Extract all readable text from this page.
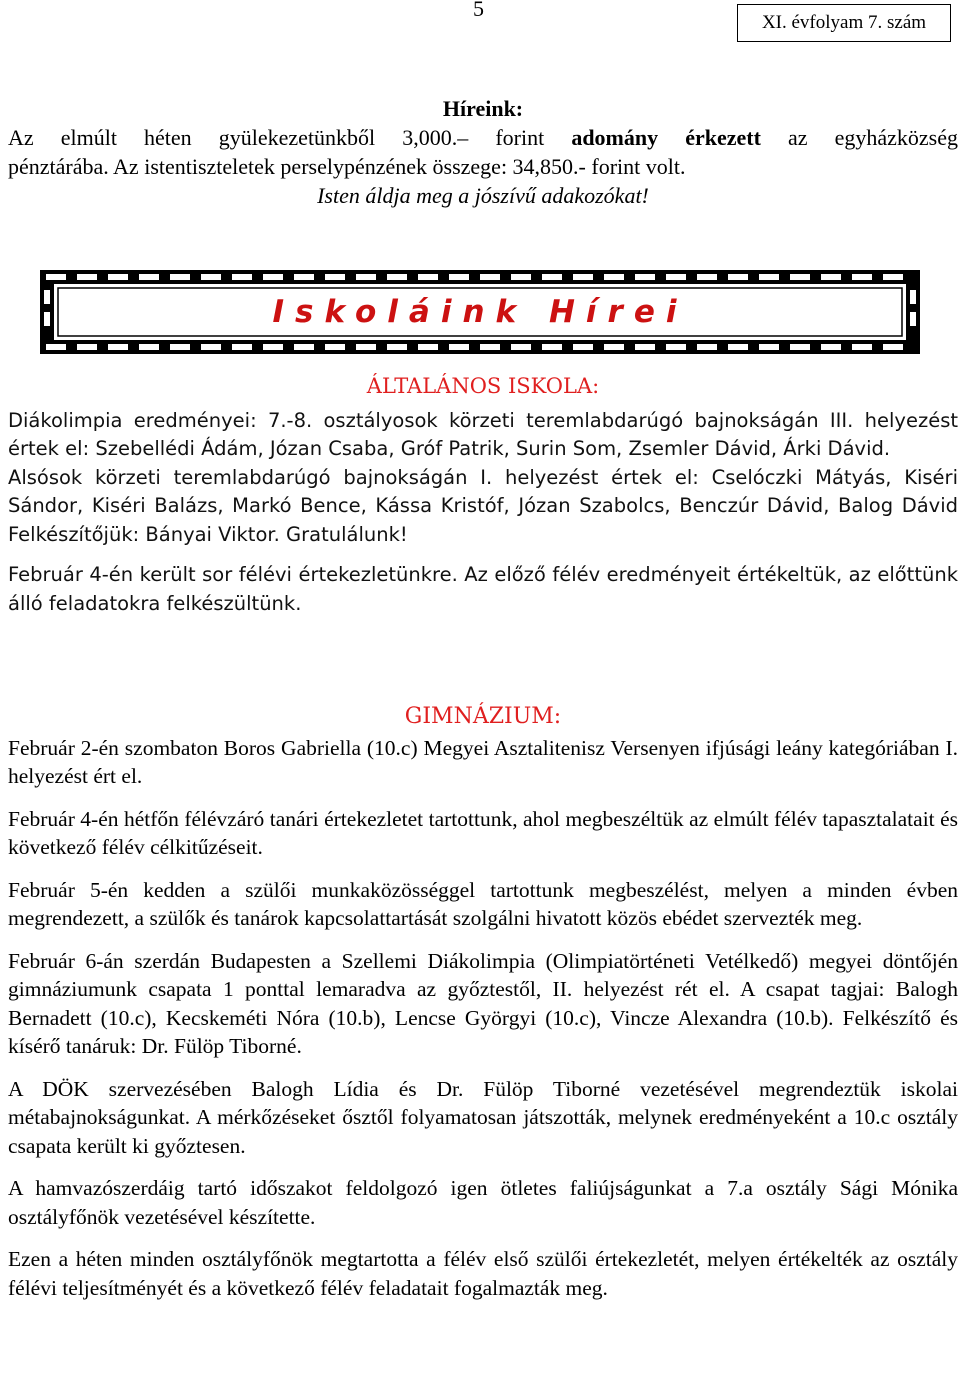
5
XI. évfolyam 7. szám
Híreink:
Az elmúlt héten gyülekezetünkből 3,000.– forint adomány érkezett az egyházközség
pénztárába. Az istentiszteletek perselypénzének összege: 34,850.- forint volt.
Isten áldja meg a jószívű adakozókat!
Iskoláink Hírei
ÁLTALÁNOS ISKOLA:

Diákolimpia eredményei: 7.-8. osztályosok körzeti teremlabdarúgó bajnokságán III. helyezést értek el: Szebellédi Ádám, Józan Csaba, Gróf Patrik, Surin Som, Zsemler Dávid, Árki Dávid.

Alsósok körzeti teremlabdarúgó bajnokságán I. helyezést értek el: Cselóczki Mátyás, Kiséri Sándor, Kiséri Balázs, Markó Bence, Kássa Kristóf, Józan Szabolcs, Benczúr Dávid, Balog Dávid Felkészítőjük: Bányai Viktor. Gratulálunk!

Február 4-én került sor félévi értekezletünkre. Az előző félév eredményeit értékeltük, az előttünk álló feladatokra felkészültünk.

GIMNÁZIUM:

Február 2-én szombaton Boros Gabriella (10.c) Megyei Asztalitenisz Versenyen ifjúsági leány kategóriában I. helyezést ért el.

Február 4-én hétfőn félévzáró tanári értekezletet tartottunk, ahol megbeszéltük az elmúlt félév tapasztalatait és következő félév célkitűzéseit.

Február 5-én kedden a szülői munkaközösséggel tartottunk megbeszélést, melyen a minden évben megrendezett, a szülők és tanárok kapcsolattartását szolgálni hivatott közös ebédet szervezték meg.

Február 6-án szerdán Budapesten a Szellemi Diákolimpia (Olimpiatörténeti Vetélkedő) megyei döntőjén gimnáziumunk csapata 1 ponttal lemaradva az győztestől, II. helyezést rét el. A csapat tagjai: Balogh Bernadett (10.c), Kecskeméti Nóra (10.b), Lencse Györgyi (10.c), Vincze Alexandra (10.b). Felkészítő és kísérő tanáruk: Dr. Fülöp Tiborné.

A DÖK szervezésében Balogh Lídia és Dr. Fülöp Tiborné vezetésével megrendeztük iskolai métabajnokságunkat. A mérkőzéseket ősztől folyamatosan játszották, melynek eredményeként a 10.c osztály csapata került ki győztesen.

A hamvazószerdáig tartó időszakot feldolgozó igen ötletes faliújságunkat a 7.a osztály Sági Mónika osztályfőnök vezetésével készítette.

Ezen a héten minden osztályfőnök megtartotta a félév első szülői értekezletét, melyen értékelték az osztály félévi teljesítményét és a következő félév feladatait fogalmazták meg.
